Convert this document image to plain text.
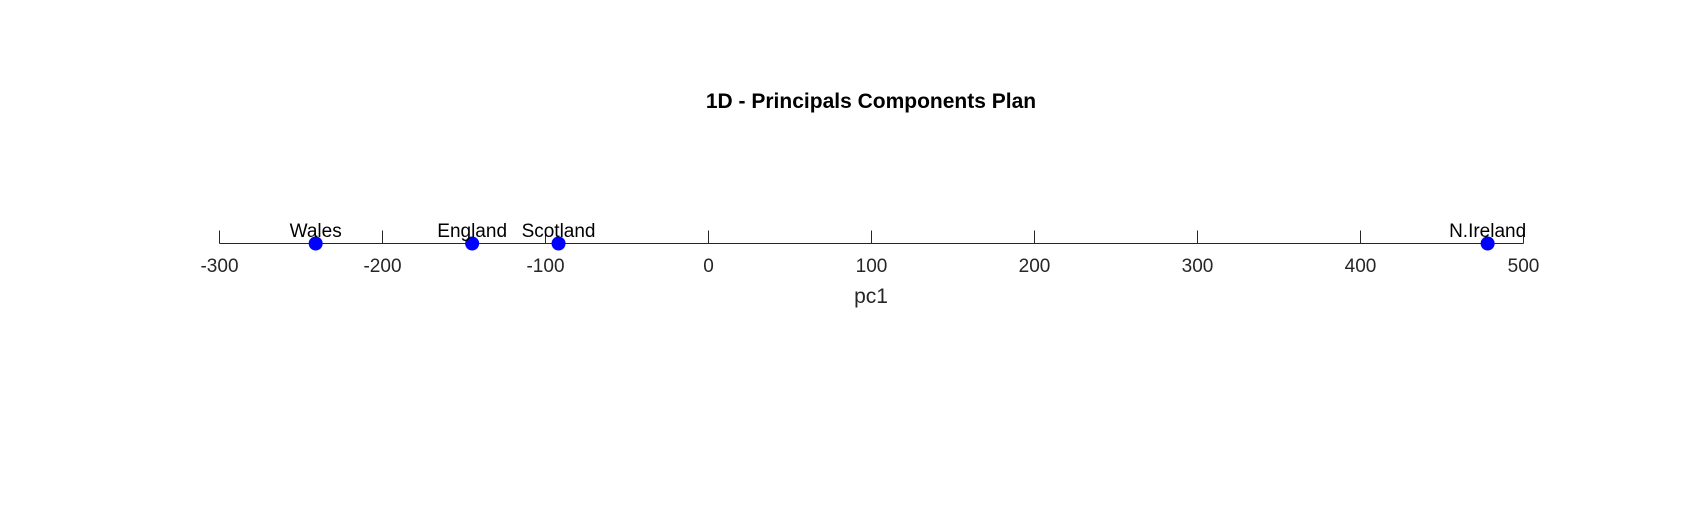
1D - Principals Components Plan
-300	-200	-100	0	100	200	300	400	500
Wales	England Scotland	N.Ireland
pc1
